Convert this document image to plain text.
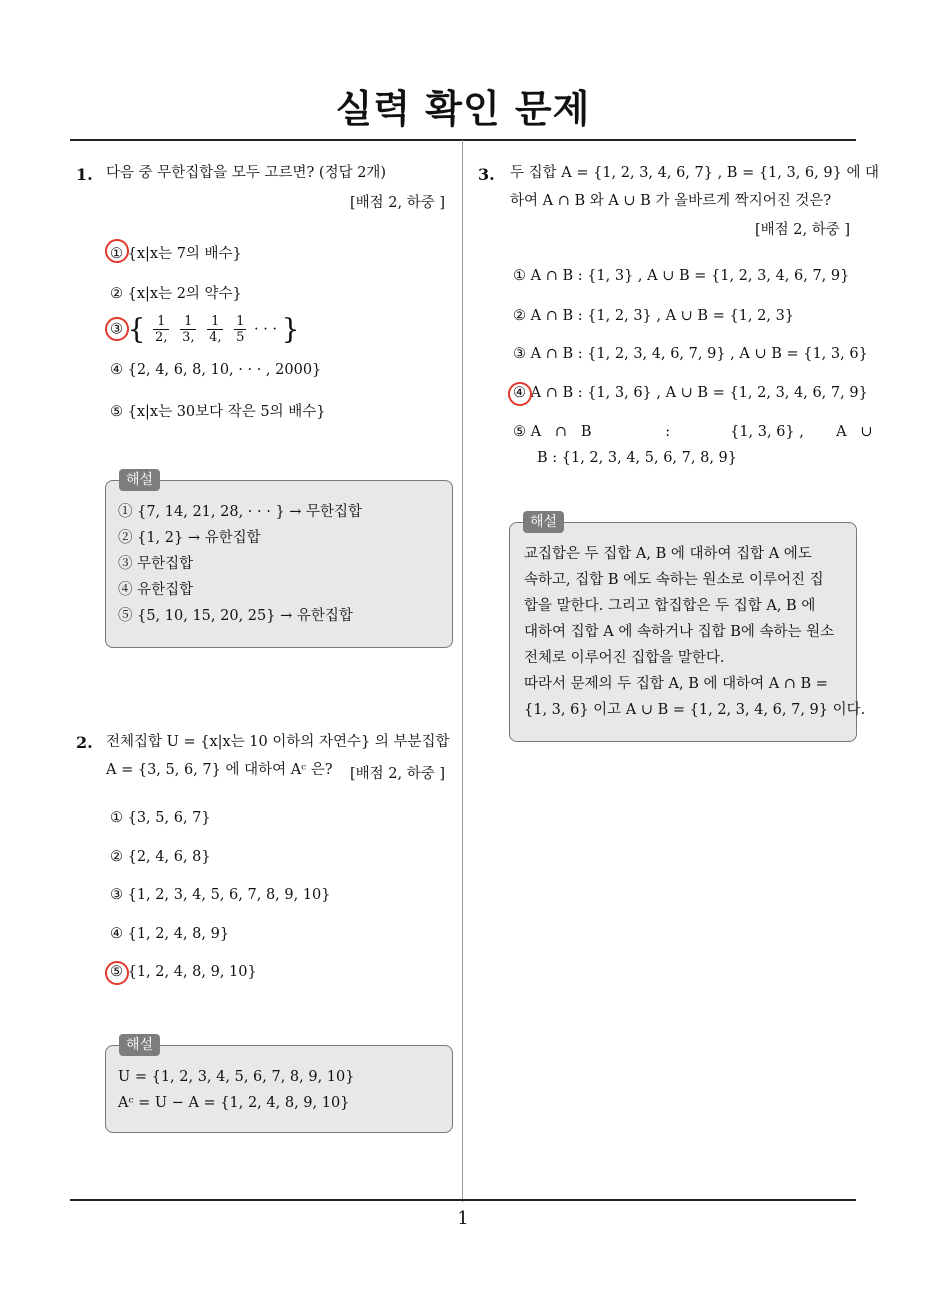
실력 확인 문제
1
1. 다음 중 무한집합을 모두 고르면? (정답 2개)
[배점 2, 하중 ]
① {x|x는 7의 배수}
② {x|x는 2의 약수}
③ { $\frac{1}{2,}$
$\frac{1}{3,}$
$\frac{1}{4,}$
$\frac{1}{5}$ · · · }
④ {2, 4, 6, 8, 10, · · · , 2000}
⑤ {x|x는 30보다 작은 5의 배수}
① {7, 14, 21, 28, · · · } → 무한집합
② {1, 2} → 유한집합
③ 무한집합
④ 유한집합
⑤ {5, 10, 15, 20, 25} → 유한집합
해설
2. 전체집합 U = {x|x는 10 이하의 자연수} 의 부분집합
A = {3, 5, 6, 7} 에 대하여 Aᶜ 은? [배점 2, 하중 ]
① {3, 5, 6, 7}
② {2, 4, 6, 8}
③ {1, 2, 3, 4, 5, 6, 7, 8, 9, 10}
④ {1, 2, 4, 8, 9}
⑤ {1, 2, 4, 8, 9, 10}
U = {1, 2, 3, 4, 5, 6, 7, 8, 9, 10}
Aᶜ = U − A = {1, 2, 4, 8, 9, 10}
해설
3. 두 집합 A = {1, 2, 3, 4, 6, 7} , B = {1, 3, 6, 9} 에 대
하여 A ∩ B 와 A ∪ B 가 올바르게 짝지어진 것은?
[배점 2, 하중 ]
① A ∩ B : {1, 3} , A ∪ B = {1, 2, 3, 4, 6, 7, 9}
② A ∩ B : {1, 2, 3} , A ∪ B = {1, 2, 3}
③ A ∩ B : {1, 2, 3, 4, 6, 7, 9} , A ∪ B = {1, 3, 6}
④ A ∩ B : {1, 3, 6} , A ∪ B = {1, 2, 3, 4, 6, 7, 9}
⑤ A   ∩   B                :             {1, 3, 6} ,       A   ∪
B : {1, 2, 3, 4, 5, 6, 7, 8, 9}
교집합은 두 집합 A, B 에 대하여 집합 A 에도
속하고, 집합 B 에도 속하는 원소로 이루어진 집
합을 말한다. 그리고 합집합은 두 집합 A, B 에
대하여 집합 A 에 속하거나 집합 B에 속하는 원소
전체로 이루어진 집합을 말한다.
따라서 문제의 두 집합 A, B 에 대하여 A ∩ B =
{1, 3, 6} 이고 A ∪ B = {1, 2, 3, 4, 6, 7, 9} 이다.
해설
